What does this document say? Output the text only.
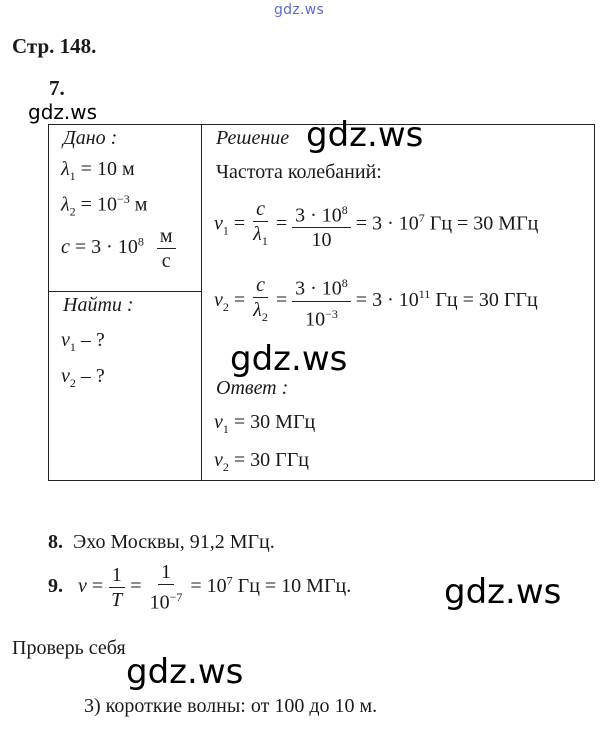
gdz.ws
Стр. 148.
7.
gdz.ws
Дано :
$\lambda_1 = 10$ м
$\lambda_2 = 10^{-3}$ м
$c = 3 \cdot 10^8 \frac{м}{с}$

Решение gdz.ws
Частота колебаний:
$\nu_1 = \frac{c}{\lambda_1} = \frac{3 \cdot 10^8}{10} = 3 \cdot 10^7$ Гц = 30 МГц
$\nu_2 = \frac{c}{\lambda_2} = \frac{3 \cdot 10^8}{10^{-3}} = 3 \cdot 10^{11}$ Гц = 30 ГГц
gdz.ws
Ответ :
$\nu_1 = 30$ МГц
$\nu_2 = 30$ ГГц

Найти :
$\nu_1$ – ?
$\nu_2$ – ?
8. Эхо Москвы, 91,2 МГц.
9. $\nu = \frac{1}{T} = \frac{1}{10^{-7}} = 10^7$ Гц = 10 МГц.	gdz.ws
Проверь себя
gdz.ws
3) короткие волны: от 100 до 10 м.
